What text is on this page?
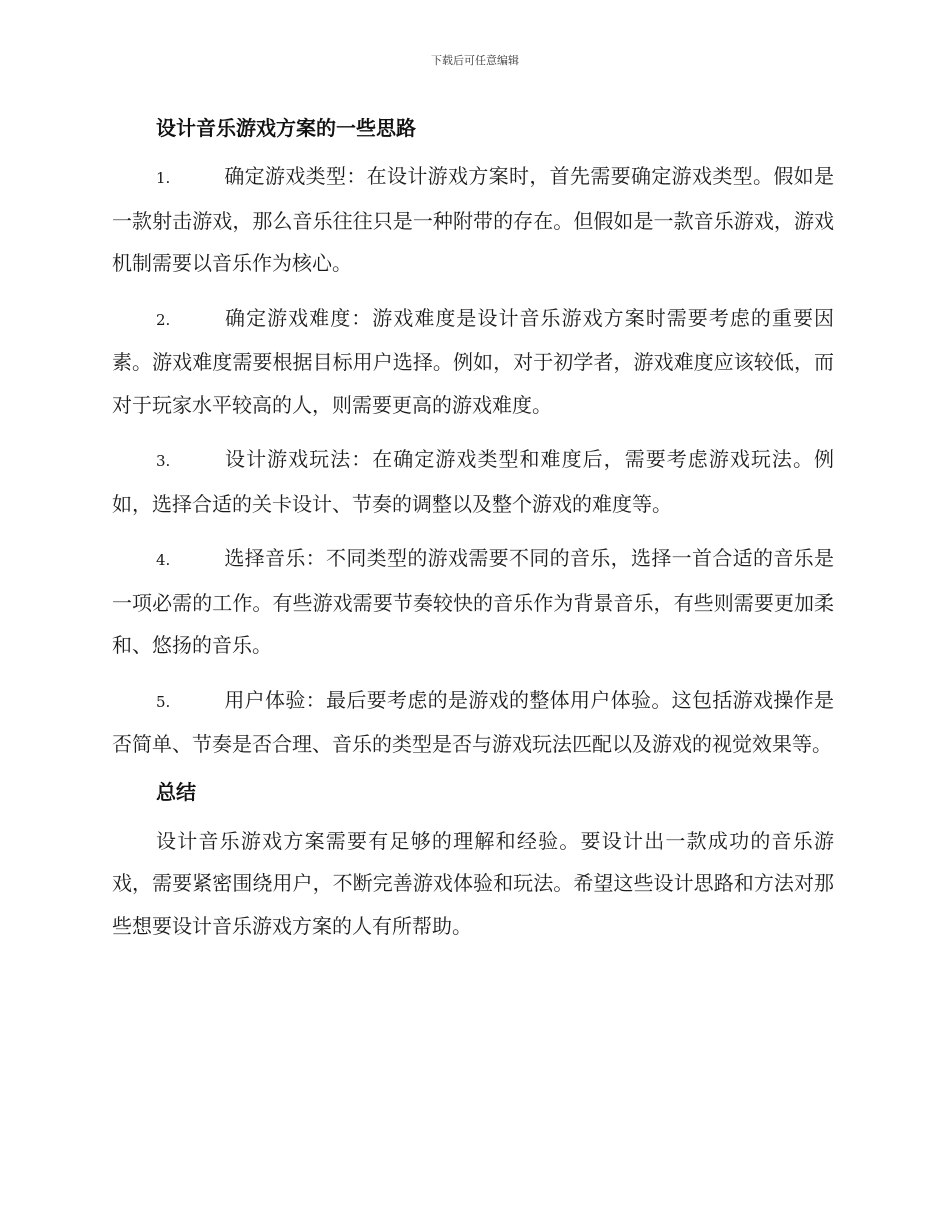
下载后可任意编辑
设计音乐游戏方案的一些思路

1.	确定游戏类型：在设计游戏方案时，首先需要确定游戏类型。假如是一款射击游戏，那么音乐往往只是一种附带的存在。但假如是一款音乐游戏，游戏机制需要以音乐作为核心。

2.	确定游戏难度：游戏难度是设计音乐游戏方案时需要考虑的重要因素。游戏难度需要根据目标用户选择。例如，对于初学者，游戏难度应该较低，而对于玩家水平较高的人，则需要更高的游戏难度。

3.	设计游戏玩法：在确定游戏类型和难度后，需要考虑游戏玩法。例如，选择合适的关卡设计、节奏的调整以及整个游戏的难度等。

4.	选择音乐：不同类型的游戏需要不同的音乐，选择一首合适的音乐是一项必需的工作。有些游戏需要节奏较快的音乐作为背景音乐，有些则需要更加柔和、悠扬的音乐。

5.	用户体验：最后要考虑的是游戏的整体用户体验。这包括游戏操作是否简单、节奏是否合理、音乐的类型是否与游戏玩法匹配以及游戏的视觉效果等。

总结

设计音乐游戏方案需要有足够的理解和经验。要设计出一款成功的音乐游戏，需要紧密围绕用户，不断完善游戏体验和玩法。希望这些设计思路和方法对那些想要设计音乐游戏方案的人有所帮助。
